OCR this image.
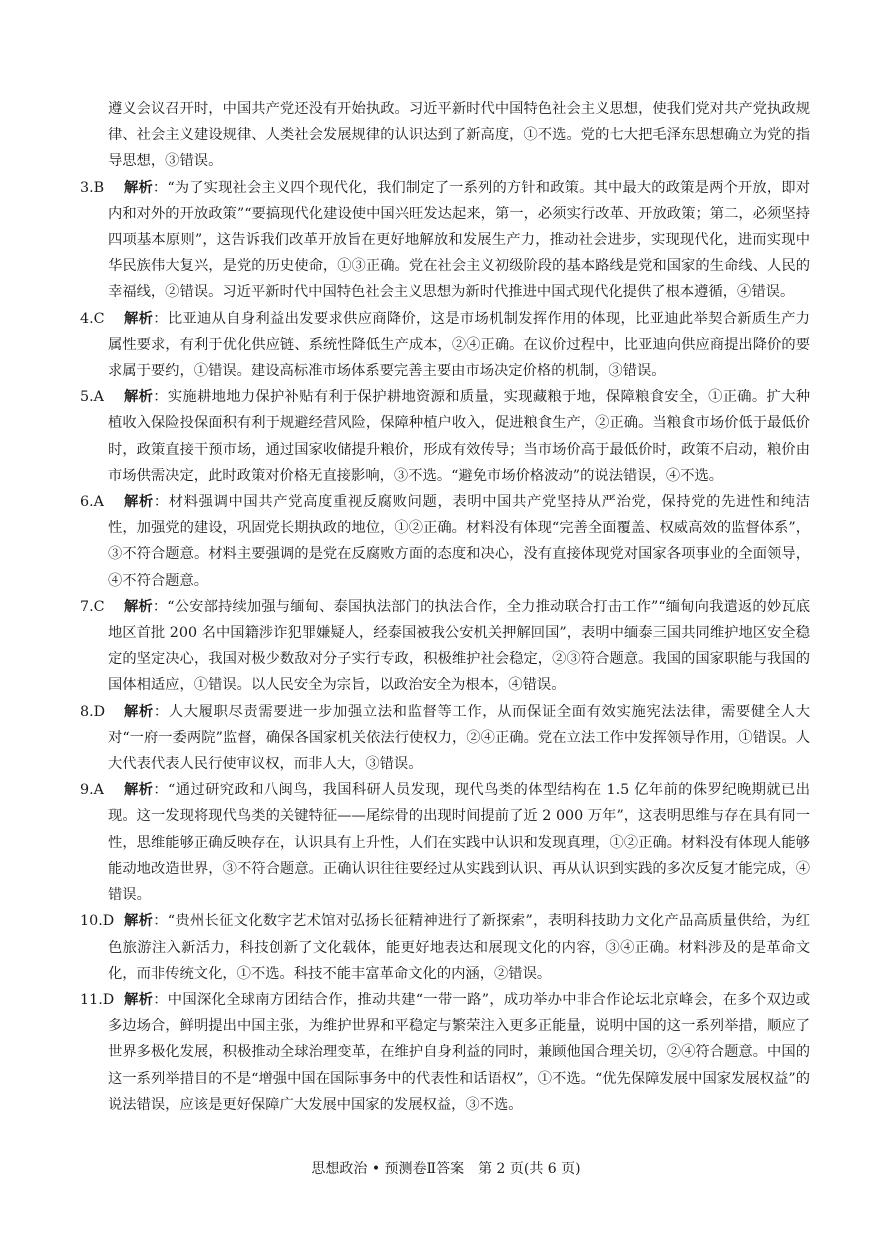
遵义会议召开时，中国共产党还没有开始执政。习近平新时代中国特色社会主义思想，使我们党对共产党执政规律、社会主义建设规律、人类社会发展规律的认识达到了新高度，①不选。党的七大把毛泽东思想确立为党的指导思想，③错误。

3.B 解析：“为了实现社会主义四个现代化，我们制定了一系列的方针和政策。其中最大的政策是两个开放，即对内和对外的开放政策”“要搞现代化建设使中国兴旺发达起来，第一，必须实行改革、开放政策；第二，必须坚持四项基本原则”，这告诉我们改革开放旨在更好地解放和发展生产力，推动社会进步，实现现代化，进而实现中华民族伟大复兴，是党的历史使命，①③正确。党在社会主义初级阶段的基本路线是党和国家的生命线、人民的幸福线，②错误。习近平新时代中国特色社会主义思想为新时代推进中国式现代化提供了根本遵循，④错误。
4.C 解析：比亚迪从自身利益出发要求供应商降价，这是市场机制发挥作用的体现，比亚迪此举契合新质生产力属性要求，有利于优化供应链、系统性降低生产成本，②④正确。在议价过程中，比亚迪向供应商提出降价的要求属于要约，①错误。建设高标准市场体系要完善主要由市场决定价格的机制，③错误。
5.A 解析：实施耕地地力保护补贴有利于保护耕地资源和质量，实现藏粮于地，保障粮食安全，①正确。扩大种植收入保险投保面积有利于规避经营风险，保障种植户收入，促进粮食生产，②正确。当粮食市场价低于最低价时，政策直接干预市场，通过国家收储提升粮价，形成有效传导；当市场价高于最低价时，政策不启动，粮价由市场供需决定，此时政策对价格无直接影响，③不选。“避免市场价格波动”的说法错误，④不选。
6.A 解析：材料强调中国共产党高度重视反腐败问题，表明中国共产党坚持从严治党，保持党的先进性和纯洁性，加强党的建设，巩固党长期执政的地位，①②正确。材料没有体现“完善全面覆盖、权威高效的监督体系”，③不符合题意。材料主要强调的是党在反腐败方面的态度和决心，没有直接体现党对国家各项事业的全面领导，④不符合题意。
7.C 解析：“公安部持续加强与缅甸、泰国执法部门的执法合作，全力推动联合打击工作”“缅甸向我遣返的妙瓦底地区首批 200 名中国籍涉诈犯罪嫌疑人，经泰国被我公安机关押解回国”，表明中缅泰三国共同维护地区安全稳定的坚定决心，我国对极少数敌对分子实行专政，积极维护社会稳定，②③符合题意。我国的国家职能与我国的国体相适应，①错误。以人民安全为宗旨，以政治安全为根本，④错误。
8.D 解析：人大履职尽责需要进一步加强立法和监督等工作，从而保证全面有效实施宪法法律，需要健全人大对“一府一委两院”监督，确保各国家机关依法行使权力，②④正确。党在立法工作中发挥领导作用，①错误。人大代表代表人民行使审议权，而非人大，③错误。
9.A 解析：“通过研究政和八闽鸟，我国科研人员发现，现代鸟类的体型结构在 1.5 亿年前的侏罗纪晚期就已出现。这一发现将现代鸟类的关键特征——尾综骨的出现时间提前了近 2 000 万年”，这表明思维与存在具有同一性，思维能够正确反映存在，认识具有上升性，人们在实践中认识和发现真理，①②正确。材料没有体现人能够能动地改造世界，③不符合题意。正确认识往往要经过从实践到认识、再从认识到实践的多次反复才能完成，④错误。
10.D 解析：“贵州长征文化数字艺术馆对弘扬长征精神进行了新探索”，表明科技助力文化产品高质量供给，为红色旅游注入新活力，科技创新了文化载体，能更好地表达和展现文化的内容，③④正确。材料涉及的是革命文化，而非传统文化，①不选。科技不能丰富革命文化的内涵，②错误。
11.D 解析：中国深化全球南方团结合作，推动共建“一带一路”，成功举办中非合作论坛北京峰会，在多个双边或多边场合，鲜明提出中国主张，为维护世界和平稳定与繁荣注入更多正能量，说明中国的这一系列举措，顺应了世界多极化发展，积极推动全球治理变革，在维护自身利益的同时，兼顾他国合理关切，②④符合题意。中国的这一系列举措目的不是“增强中国在国际事务中的代表性和话语权”，①不选。“优先保障发展中国家发展权益”的说法错误，应该是更好保障广大发展中国家的发展权益，③不选。
思想政治 • 预测卷Ⅱ答案　第 2 页(共 6 页)
